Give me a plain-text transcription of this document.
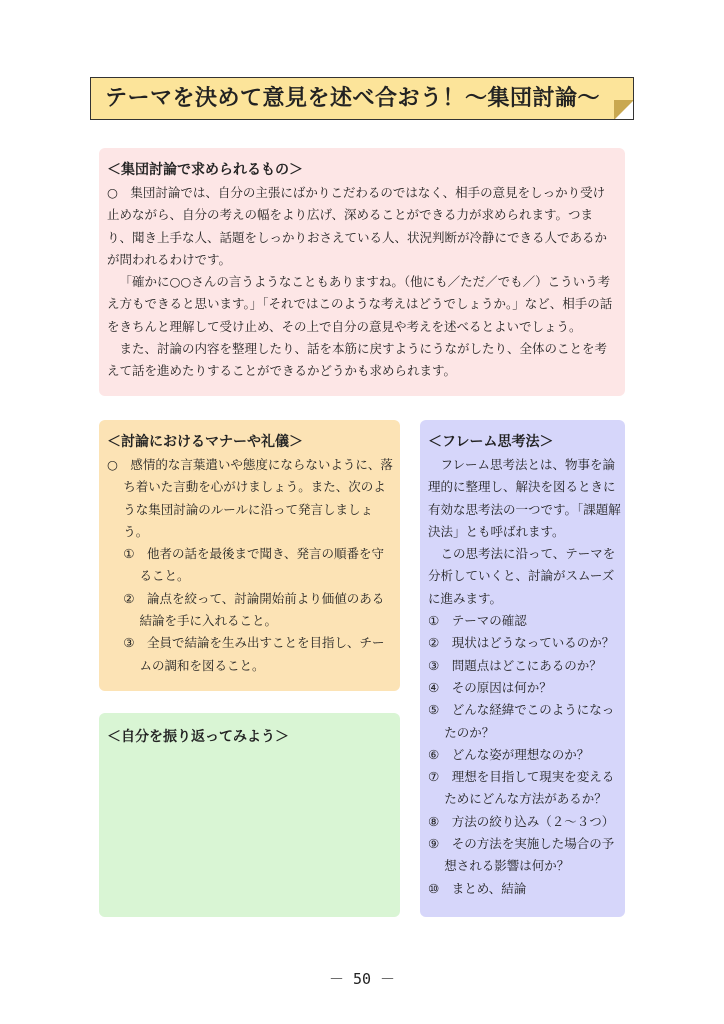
テーマを決めて意見を述べ合おう！〜集団討論〜
＜集団討論で求められるもの＞

○　集団討論では、自分の主張にばかりこだわるのではなく、相手の意見をしっかり受け止めながら、自分の考えの幅をより広げ、深めることができる力が求められます。つまり、聞き上手な人、話題をしっかりおさえている人、状況判断が冷静にできる人であるかが問われるわけです。

「確かに○○さんの言うようなこともありますね。（他にも／ただ／でも／）こういう考え方もできると思います。」「それではこのような考えはどうでしょうか。」など、相手の話をきちんと理解して受け止め、その上で自分の意見や考えを述べるとよいでしょう。

また、討論の内容を整理したり、話を本筋に戻すようにうながしたり、全体のことを考えて話を進めたりすることができるかどうかも求められます。

＜討論におけるマナーや礼儀＞

○　感情的な言葉遣いや態度にならないように、落ち着いた言動を心がけましょう。また、次のような集団討論のルールに沿って発言しましょう。

①　他者の話を最後まで聞き、発言の順番を守ること。

②　論点を絞って、討論開始前より価値のある結論を手に入れること。

③　全員で結論を生み出すことを目指し、チームの調和を図ること。

＜自分を振り返ってみよう＞
＜フレーム思考法＞

フレーム思考法とは、物事を論理的に整理し、解決を図るときに有効な思考法の一つです。「課題解決法」とも呼ばれます。

この思考法に沿って、テーマを分析していくと、討論がスムーズに進みます。

①　テーマの確認

②　現状はどうなっているのか？

③　問題点はどこにあるのか？

④　その原因は何か？

⑤　どんな経緯でこのようになったのか？

⑥　どんな姿が理想なのか？

⑦　理想を目指して現実を変えるためにどんな方法があるか？

⑧　方法の絞り込み（２〜３つ）

⑨　その方法を実施した場合の予想される影響は何か？

⑩　まとめ、結論

－ 50 －
